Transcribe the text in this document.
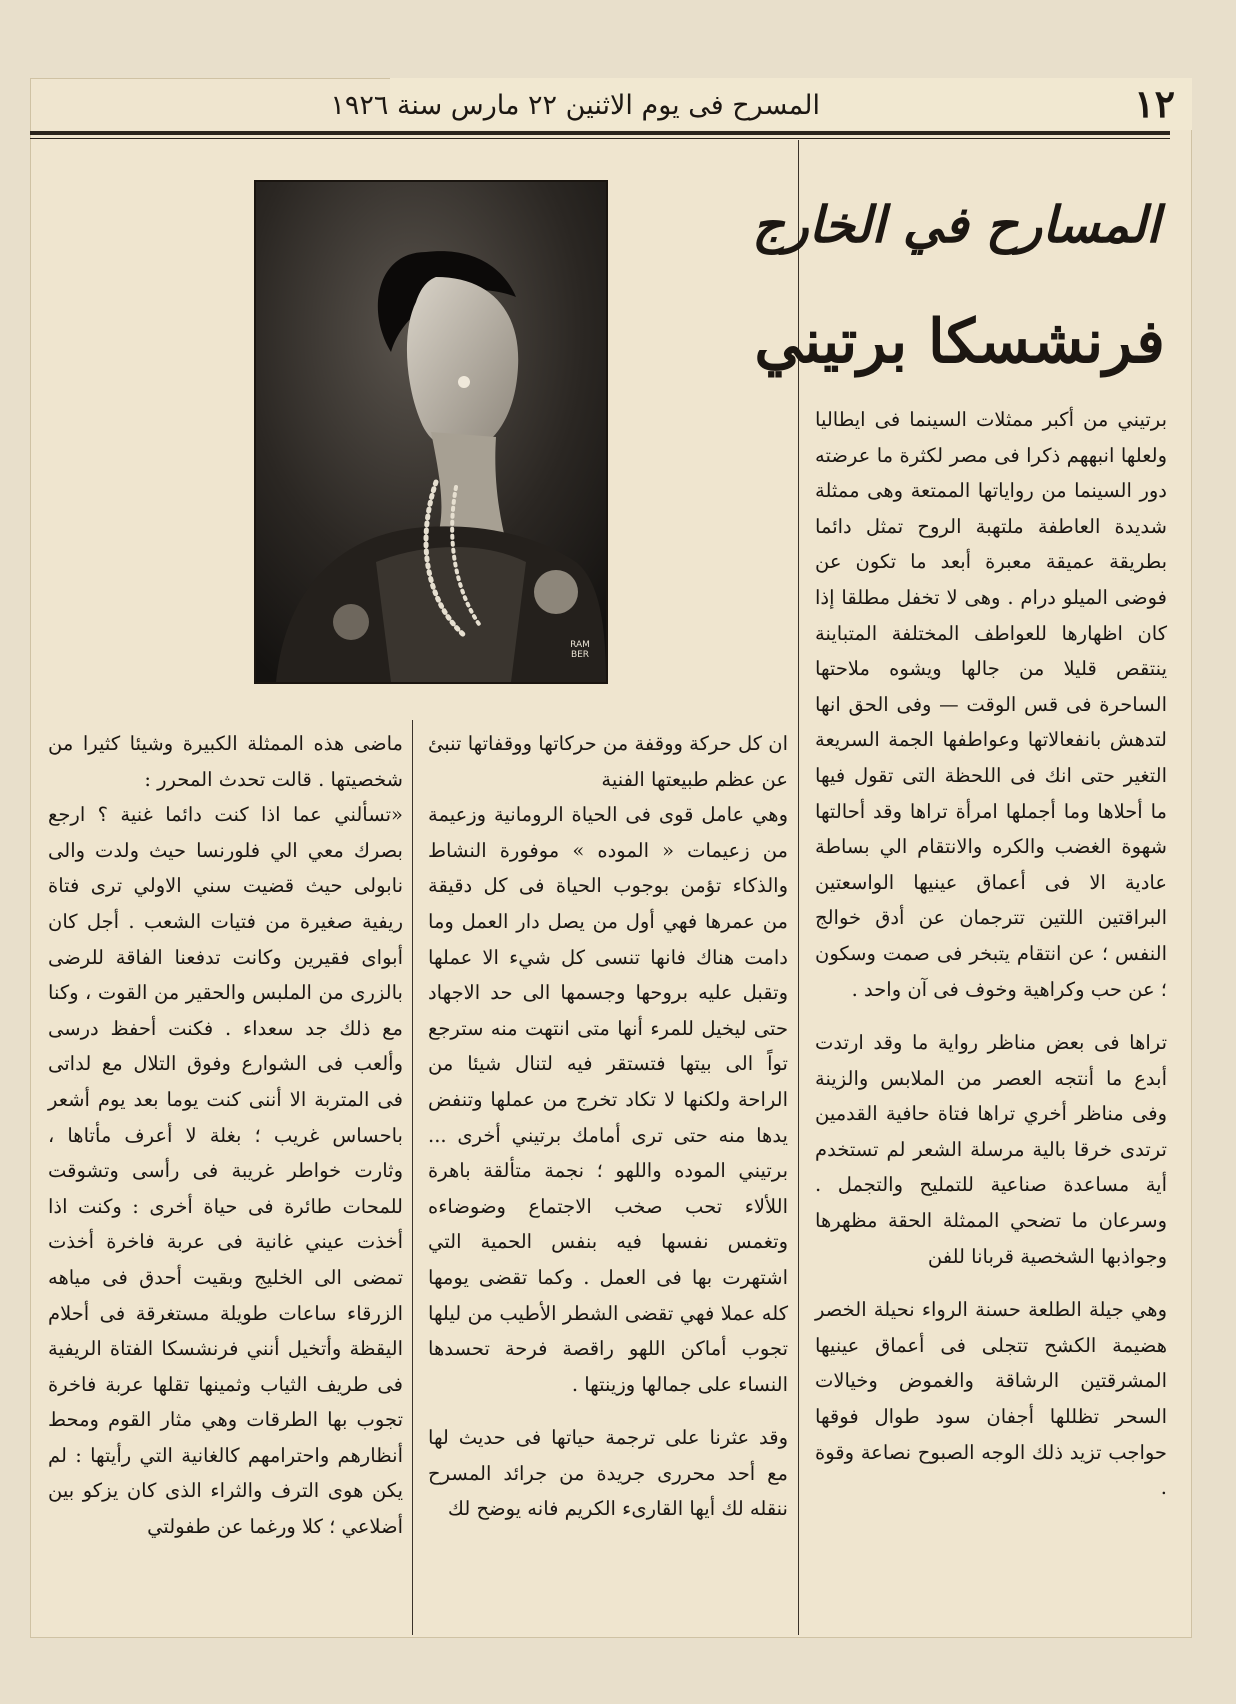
المسرح فى يوم الاثنين ٢٢ مارس سنة ١٩٢٦	١٢
المسارح في الخارج
فرنشسكا برتيني
RAM BER

برتيني من أكبر ممثلات السينما فى ايطاليا ولعلها انبههم ذكرا فى مصر لكثرة ما عرضته دور السينما من رواياتها الممتعة وهى ممثلة شديدة العاطفة ملتهبة الروح تمثل دائما بطريقة عميقة معبرة أبعد ما تكون عن فوضى الميلو درام . وهى لا تخفل مطلقا إذا كان اظهارها للعواطف المختلفة المتباينة ينتقص قليلا من جالها ويشوه ملاحتها الساحرة فى قس الوقت — وفى الحق انها لتدهش بانفعالاتها وعواطفها الجمة السريعة التغير حتى انك فى اللحظة التى تقول فيها ما أحلاها وما أجملها امرأة تراها وقد أحالتها شهوة الغضب والكره والانتقام الي بساطة عادية الا فى أعماق عينيها الواسعتين البراقتين اللتين تترجمان عن أدق خوالج النفس ؛ عن انتقام يتبخر فى صمت وسكون ؛ عن حب وكراهية وخوف فى آن واحد .

تراها فى بعض مناظر رواية ما وقد ارتدت أبدع ما أنتجه العصر من الملابس والزينة وفى مناظر أخري تراها فتاة حافية القدمين ترتدى خرقا بالية مرسلة الشعر لم تستخدم أية مساعدة صناعية للتمليح والتجمل . وسرعان ما تضحي الممثلة الحقة مظهرها وجواذبها الشخصية قربانا للفن

وهي جيلة الطلعة حسنة الرواء نحيلة الخصر هضيمة الكشح تتجلى فى أعماق عينيها المشرقتين الرشاقة والغموض وخيالات السحر تظللها أجفان سود طوال فوقها حواجب تزيد ذلك الوجه الصبوح نصاعة وقوة .

ان كل حركة ووقفة من حركاتها ووقفاتها تنبئ عن عظم طبيعتها الفنية

وهي عامل قوى فى الحياة الرومانية وزعيمة من زعيمات « الموده » موفورة النشاط والذكاء تؤمن بوجوب الحياة فى كل دقيقة من عمرها فهي أول من يصل دار العمل وما دامت هناك فانها تنسى كل شيء الا عملها وتقبل عليه بروحها وجسمها الى حد الاجهاد حتى ليخيل للمرء أنها متى انتهت منه سترجع تواً الى بيتها فتستقر فيه لتنال شيئا من الراحة ولكنها لا تكاد تخرج من عملها وتنفض يدها منه حتى ترى أمامك برتيني أخرى ... برتيني الموده واللهو ؛ نجمة متألقة باهرة اللألاء تحب صخب الاجتماع وضوضاءه وتغمس نفسها فيه بنفس الحمية التي اشتهرت بها فى العمل . وكما تقضى يومها كله عملا فهي تقضى الشطر الأطيب من ليلها تجوب أماكن اللهو راقصة فرحة تحسدها النساء على جمالها وزينتها .

وقد عثرنا على ترجمة حياتها فى حديث لها مع أحد محررى جريدة من جرائد المسرح ننقله لك أيها القارىء الكريم فانه يوضح لك

ماضى هذه الممثلة الكبيرة وشيئا كثيرا من شخصيتها . قالت تحدث المحرر :

«تسألني عما اذا كنت دائما غنية ؟ ارجع بصرك معي الي فلورنسا حيث ولدت والى نابولى حيث قضيت سني الاولي ترى فتاة ريفية صغيرة من فتيات الشعب . أجل كان أبواى فقيرين وكانت تدفعنا الفاقة للرضى بالزرى من الملبس والحقير من القوت ، وكنا مع ذلك جد سعداء . فكنت أحفظ درسى وألعب فى الشوارع وفوق التلال مع لداتى فى المتربة الا أننى كنت يوما بعد يوم أشعر باحساس غريب ؛ بغلة لا أعرف مأتاها ، وثارت خواطر غريبة فى رأسى وتشوقت للمحات طائرة فى حياة أخرى : وكنت اذا أخذت عيني غانية فى عربة فاخرة أخذت تمضى الى الخليج وبقيت أحدق فى مياهه الزرقاء ساعات طويلة مستغرقة فى أحلام اليقظة وأتخيل أنني فرنشسكا الفتاة الريفية فى طريف الثياب وثمينها تقلها عربة فاخرة تجوب بها الطرقات وهي مثار القوم ومحط أنظارهم واحترامهم كالغانية التي رأيتها : لم يكن هوى الترف والثراء الذى كان يزكو بين أضلاعي ؛ كلا ورغما عن طفولتي
